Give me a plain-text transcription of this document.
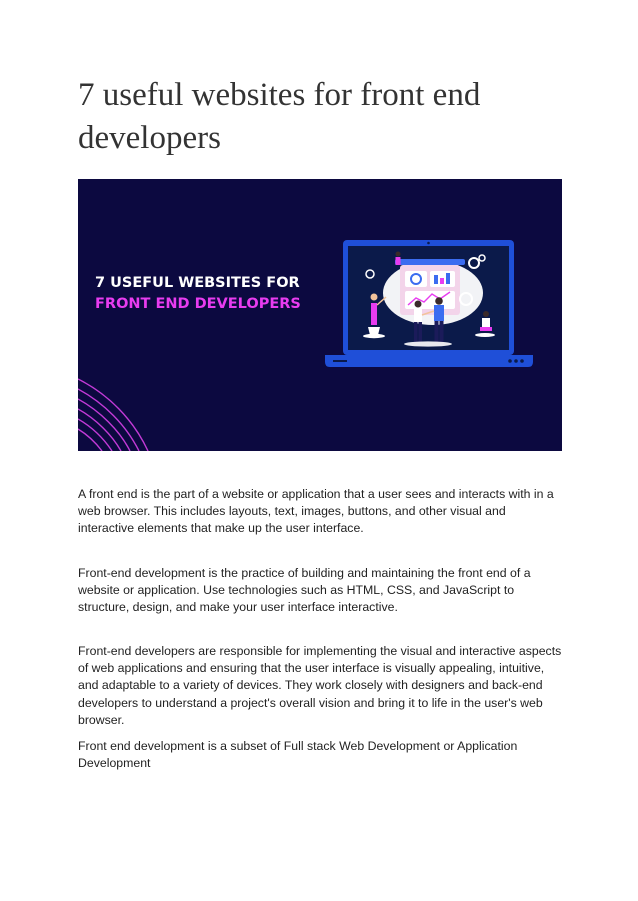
7 useful websites for front end developers
7 USEFUL WEBSITES FOR
FRONT END DEVELOPERS

A front end is the part of a website or application that a user sees and interacts with in a web browser. This includes layouts, text, images, buttons, and other visual and interactive elements that make up the user interface.

Front-end development is the practice of building and maintaining the front end of a website or application. Use technologies such as HTML, CSS, and JavaScript to structure, design, and make your user interface interactive.

Front-end developers are responsible for implementing the visual and interactive aspects of web applications and ensuring that the user interface is visually appealing, intuitive, and adaptable to a variety of devices. They work closely with designers and back-end developers to understand a project's overall vision and bring it to life in the user's web browser.

Front end development is a subset of Full stack Web Development or Application Development
